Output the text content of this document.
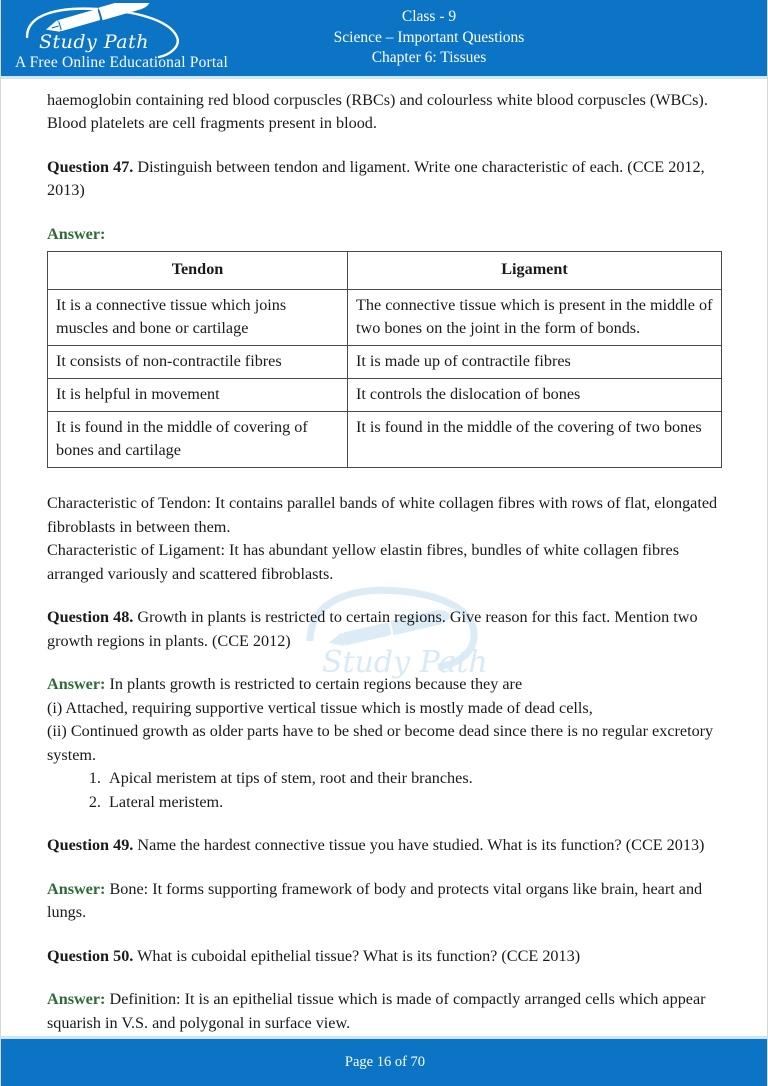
Study Path
A Free Online Educational Portal
Class - 9
Science – Important Questions
Chapter 6: Tissues
Study Path

haemoglobin containing red blood corpuscles (RBCs) and colourless white blood corpuscles (WBCs). Blood platelets are cell fragments present in blood.

Question 47. Distinguish between tendon and ligament. Write one characteristic of each. (CCE 2012, 2013)

Answer:

Tendon	Ligament
It is a connective tissue which joins muscles and bone or cartilage	The connective tissue which is present in the middle of two bones on the joint in the form of bonds.
It consists of non-contractile fibres	It is made up of contractile fibres
It is helpful in movement	It controls the dislocation of bones
It is found in the middle of covering of bones and cartilage	It is found in the middle of the covering of two bones

Characteristic of Tendon: It contains parallel bands of white collagen fibres with rows of flat, elongated fibroblasts in between them.

Characteristic of Ligament: It has abundant yellow elastin fibres, bundles of white collagen fibres arranged variously and scattered fibroblasts.

Question 48. Growth in plants is restricted to certain regions. Give reason for this fact. Mention two growth regions in plants. (CCE 2012)

Answer: In plants growth is restricted to certain regions because they are

(i) Attached, requiring supportive vertical tissue which is mostly made of dead cells,

(ii) Continued growth as older parts have to be shed or become dead since there is no regular excretory system.

1. Apical meristem at tips of stem, root and their branches.
2. Lateral meristem.

Question 49. Name the hardest connective tissue you have studied. What is its function? (CCE 2013)

Answer: Bone: It forms supporting framework of body and protects vital organs like brain, heart and lungs.

Question 50. What is cuboidal epithelial tissue? What is its function? (CCE 2013)

Answer: Definition: It is an epithelial tissue which is made of compactly arranged cells which appear squarish in V.S. and polygonal in surface view.

Page 16 of 70
